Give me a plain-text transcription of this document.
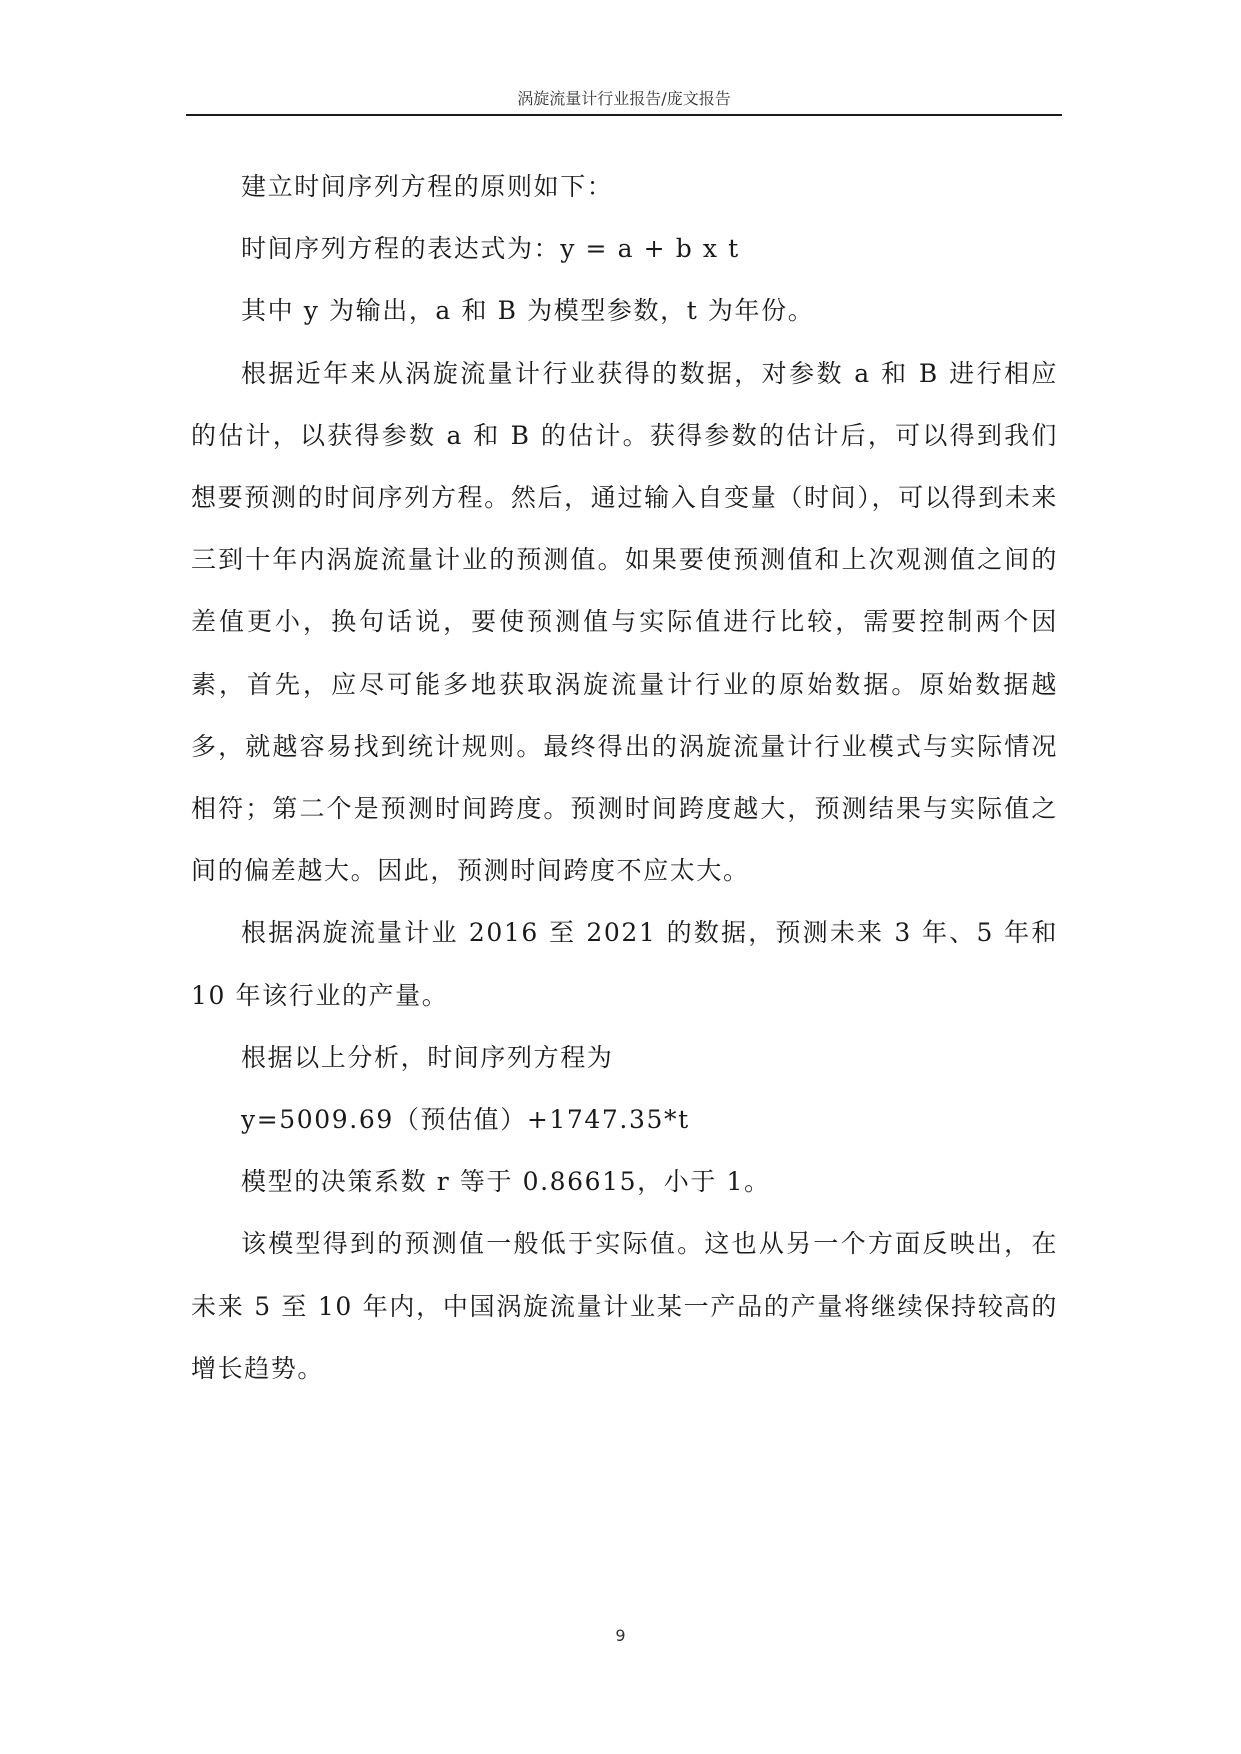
涡旋流量计行业报告/庞文报告

建立时间序列方程的原则如下：

时间序列方程的表达式为：y = a + b x t

其中 y 为输出，a 和 B 为模型参数，t 为年份。

根据近年来从涡旋流量计行业获得的数据，对参数 a 和 B 进行相应的估计，以获得参数 a 和 B 的估计。获得参数的估计后，可以得到我们想要预测的时间序列方程。然后，通过输入自变量（时间），可以得到未来三到十年内涡旋流量计业的预测值。如果要使预测值和上次观测值之间的差值更小，换句话说，要使预测值与实际值进行比较，需要控制两个因素，首先，应尽可能多地获取涡旋流量计行业的原始数据。原始数据越多，就越容易找到统计规则。最终得出的涡旋流量计行业模式与实际情况相符；第二个是预测时间跨度。预测时间跨度越大，预测结果与实际值之间的偏差越大。因此，预测时间跨度不应太大。

根据涡旋流量计业 2016 至 2021 的数据，预测未来 3 年、5 年和 10 年该行业的产量。

根据以上分析，时间序列方程为

y=5009.69（预估值）+1747.35*t

模型的决策系数 r 等于 0.86615，小于 1。

该模型得到的预测值一般低于实际值。这也从另一个方面反映出，在未来 5 至 10 年内，中国涡旋流量计业某一产品的产量将继续保持较高的增长趋势。

9
